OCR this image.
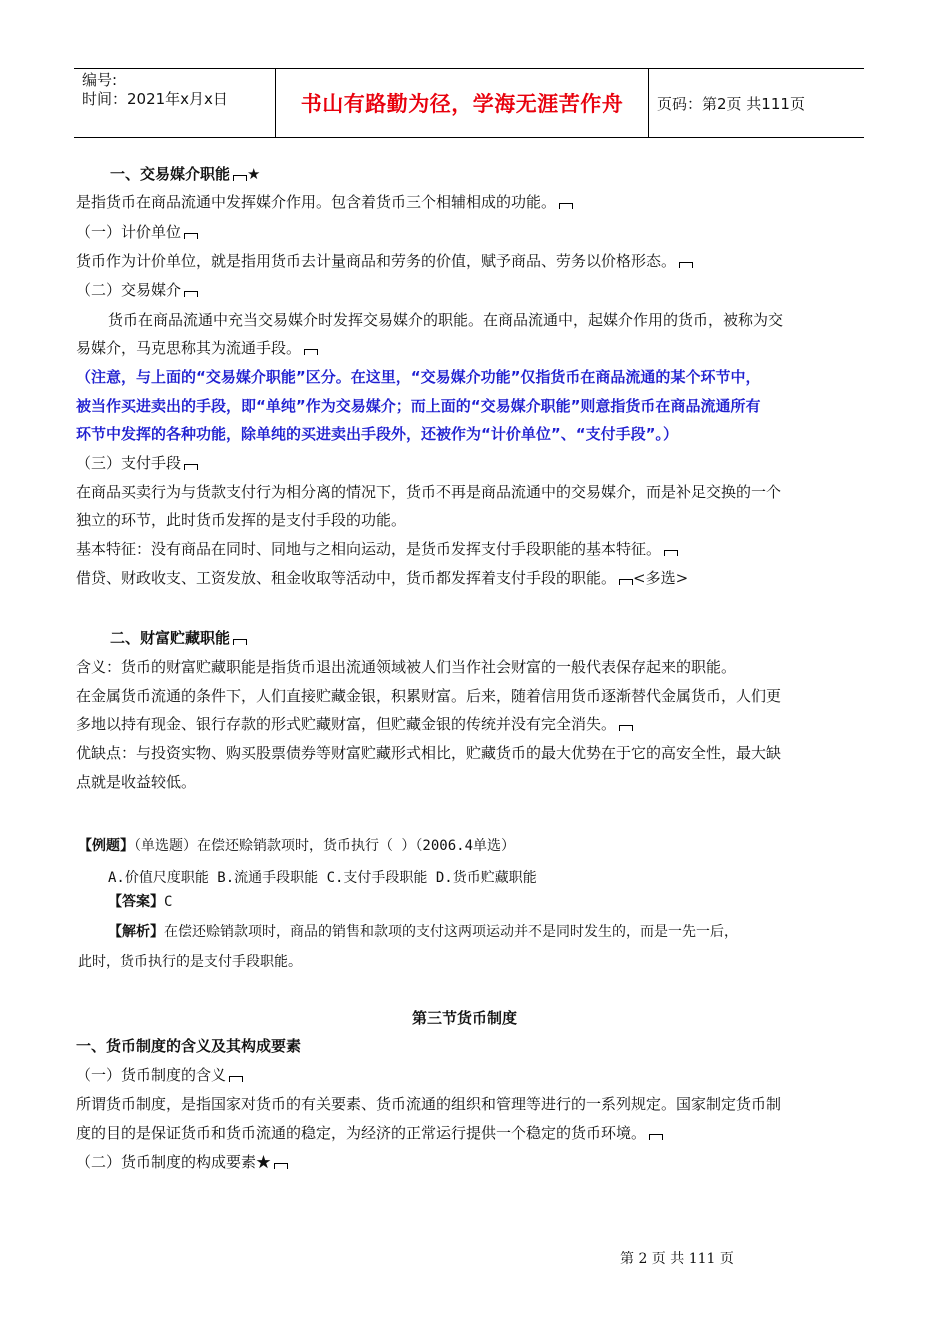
编号:
时间：2021年x月x日	书山有路勤为径，学海无涯苦作舟	页码：第2页 共111页
一、交易媒介职能 ★
是指货币在商品流通中发挥媒介作用。包含着货币三个相辅相成的功能。
（一）计价单位
货币作为计价单位，就是指用货币去计量商品和劳务的价值，赋予商品、劳务以价格形态。
（二）交易媒介
货币在商品流通中充当交易媒介时发挥交易媒介的职能。在商品流通中，起媒介作用的货币，被称为交
易媒介，马克思称其为流通手段。
（注意，与上面的“交易媒介职能”区分。在这里，“交易媒介功能”仅指货币在商品流通的某个环节中，
被当作买进卖出的手段，即“单纯”作为交易媒介；而上面的“交易媒介职能”则意指货币在商品流通所有
环节中发挥的各种功能，除单纯的买进卖出手段外，还被作为“计价单位”、“支付手段”。）
（三）支付手段
在商品买卖行为与货款支付行为相分离的情况下，货币不再是商品流通中的交易媒介，而是补足交换的一个
独立的环节，此时货币发挥的是支付手段的功能。
基本特征：没有商品在同时、同地与之相向运动，是货币发挥支付手段职能的基本特征。
借贷、财政收支、工资发放、租金收取等活动中，货币都发挥着支付手段的职能。 <多选>
二、财富贮藏职能
含义：货币的财富贮藏职能是指货币退出流通领域被人们当作社会财富的一般代表保存起来的职能。
在金属货币流通的条件下，人们直接贮藏金银，积累财富。后来，随着信用货币逐渐替代金属货币，人们更
多地以持有现金、银行存款的形式贮藏财富，但贮藏金银的传统并没有完全消失。
优缺点：与投资实物、购买股票债券等财富贮藏形式相比，贮藏货币的最大优势在于它的高安全性，最大缺
点就是收益较低。
【例题】（单选题）在偿还赊销款项时，货币执行（ ）（2006.4单选）
A.价值尺度职能 B.流通手段职能 C.支付手段职能 D.货币贮藏职能
【答案】C
【解析】在偿还赊销款项时，商品的销售和款项的支付这两项运动并不是同时发生的，而是一先一后，
此时，货币执行的是支付手段职能。
第三节货币制度
一、货币制度的含义及其构成要素
（一）货币制度的含义
所谓货币制度，是指国家对货币的有关要素、货币流通的组织和管理等进行的一系列规定。国家制定货币制
度的目的是保证货币和货币流通的稳定，为经济的正常运行提供一个稳定的货币环境。
（二）货币制度的构成要素★
第 2 页 共 111 页
